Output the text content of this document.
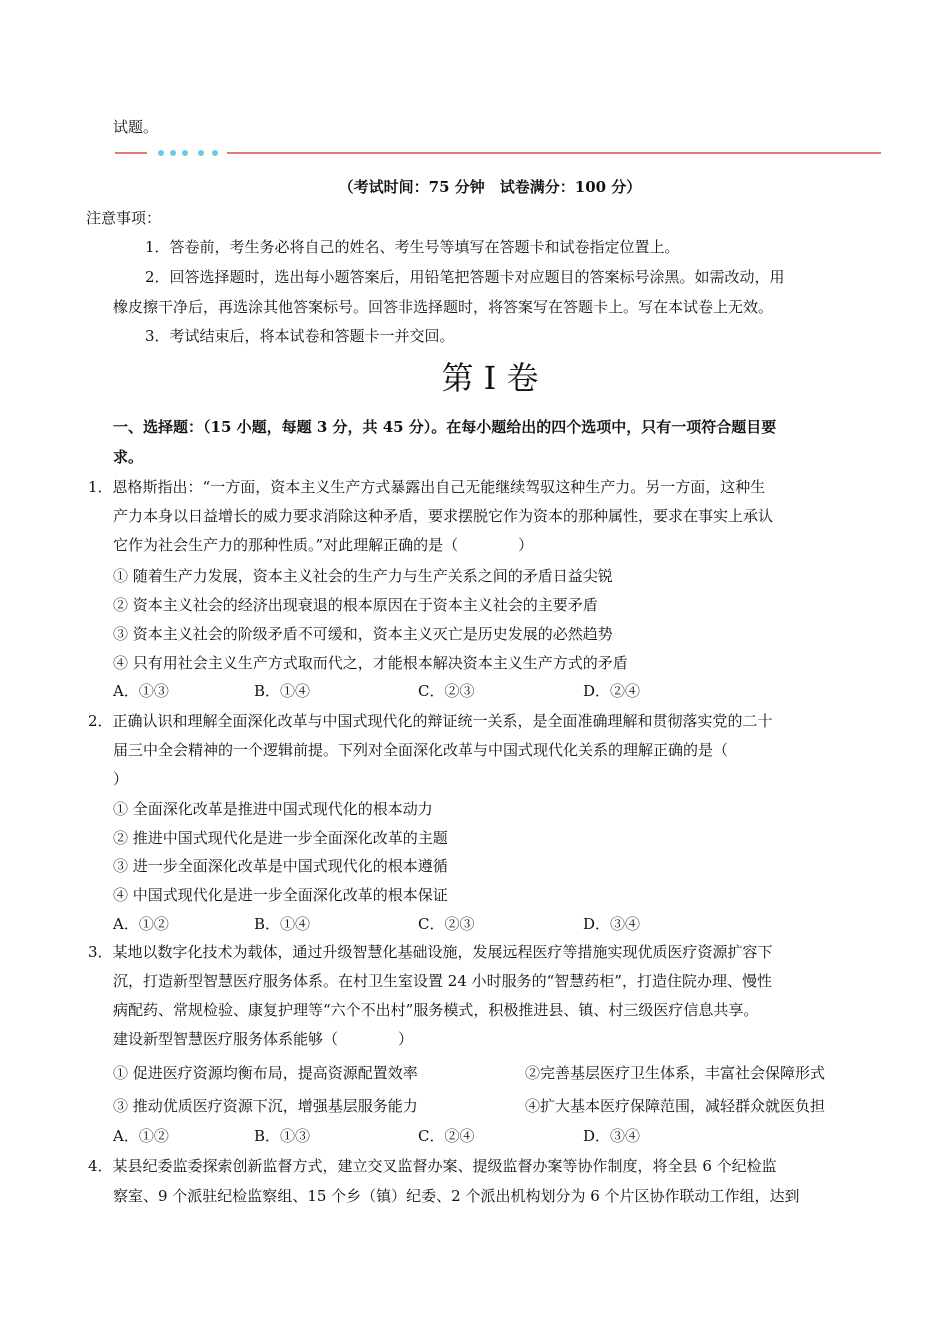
试题。
（考试时间：75 分钟　试卷满分：100 分）
注意事项：
1．答卷前，考生务必将自己的姓名、考生号等填写在答题卡和试卷指定位置上。
2．回答选择题时，选出每小题答案后，用铅笔把答题卡对应题目的答案标号涂黑。如需改动，用
橡皮擦干净后，再选涂其他答案标号。回答非选择题时，将答案写在答题卡上。写在本试卷上无效。
3．考试结束后，将本试卷和答题卡一并交回。
第 I 卷
一、选择题：（15 小题，每题 3 分，共 45 分）。在每小题给出的四个选项中，只有一项符合题目要
求。
1．恩格斯指出：“一方面，资本主义生产方式暴露出自己无能继续驾驭这种生产力。另一方面，这种生
产力本身以日益增长的威力要求消除这种矛盾，要求摆脱它作为资本的那种属性，要求在事实上承认
它作为社会生产力的那种性质。”对此理解正确的是（　　　　）
① 随着生产力发展，资本主义社会的生产力与生产关系之间的矛盾日益尖锐
② 资本主义社会的经济出现衰退的根本原因在于资本主义社会的主要矛盾
③ 资本主义社会的阶级矛盾不可缓和，资本主义灭亡是历史发展的必然趋势
④ 只有用社会主义生产方式取而代之，才能根本解决资本主义生产方式的矛盾
A．①③	B．①④	C．②③	D．②④
2．正确认识和理解全面深化改革与中国式现代化的辩证统一关系，是全面准确理解和贯彻落实党的二十
届三中全会精神的一个逻辑前提。下列对全面深化改革与中国式现代化关系的理解正确的是（
）
① 全面深化改革是推进中国式现代化的根本动力
② 推进中国式现代化是进一步全面深化改革的主题
③ 进一步全面深化改革是中国式现代化的根本遵循
④ 中国式现代化是进一步全面深化改革的根本保证
A．①②	B．①④	C．②③	D．③④
3．某地以数字化技术为载体，通过升级智慧化基础设施，发展远程医疗等措施实现优质医疗资源扩容下
沉，打造新型智慧医疗服务体系。在村卫生室设置 24 小时服务的“智慧药柜”，打造住院办理、慢性
病配药、常规检验、康复护理等“六个不出村”服务模式，积极推进县、镇、村三级医疗信息共享。
建设新型智慧医疗服务体系能够（　　　　）
① 促进医疗资源均衡布局，提高资源配置效率	②完善基层医疗卫生体系，丰富社会保障形式
③ 推动优质医疗资源下沉，增强基层服务能力	④扩大基本医疗保障范围，减轻群众就医负担
A．①②	B．①③	C．②④	D．③④
4．某县纪委监委探索创新监督方式，建立交叉监督办案、提级监督办案等协作制度，将全县 6 个纪检监
察室、9 个派驻纪检监察组、15 个乡（镇）纪委、2 个派出机构划分为 6 个片区协作联动工作组，达到
